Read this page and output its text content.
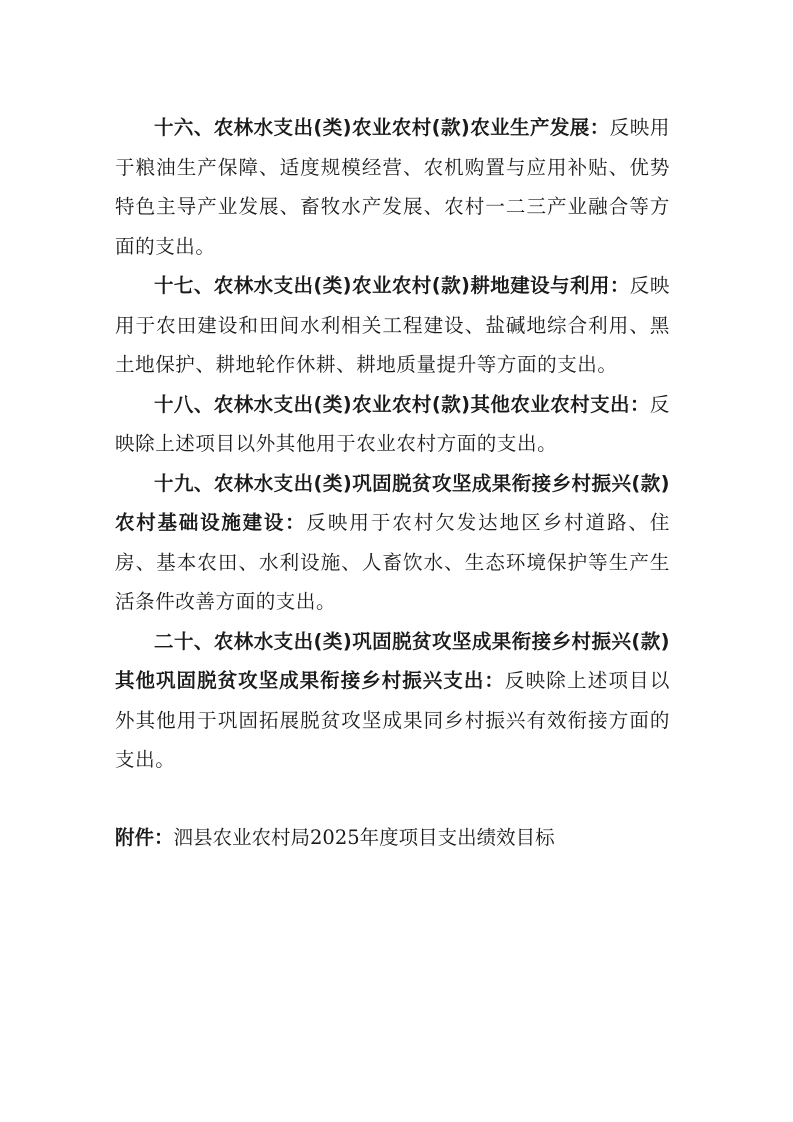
十六、农林水支出(类)农业农村(款)农业生产发展：反映用于粮油生产保障、适度规模经营、农机购置与应用补贴、优势特色主导产业发展、畜牧水产发展、农村一二三产业融合等方面的支出。

十七、农林水支出(类)农业农村(款)耕地建设与利用：反映用于农田建设和田间水利相关工程建设、盐碱地综合利用、黑土地保护、耕地轮作休耕、耕地质量提升等方面的支出。

十八、农林水支出(类)农业农村(款)其他农业农村支出：反映除上述项目以外其他用于农业农村方面的支出。

十九、农林水支出(类)巩固脱贫攻坚成果衔接乡村振兴(款)农村基础设施建设：反映用于农村欠发达地区乡村道路、住房、基本农田、水利设施、人畜饮水、生态环境保护等生产生活条件改善方面的支出。

二十、农林水支出(类)巩固脱贫攻坚成果衔接乡村振兴(款)其他巩固脱贫攻坚成果衔接乡村振兴支出：反映除上述项目以外其他用于巩固拓展脱贫攻坚成果同乡村振兴有效衔接方面的支出。

附件：泗县农业农村局2025年度项目支出绩效目标
